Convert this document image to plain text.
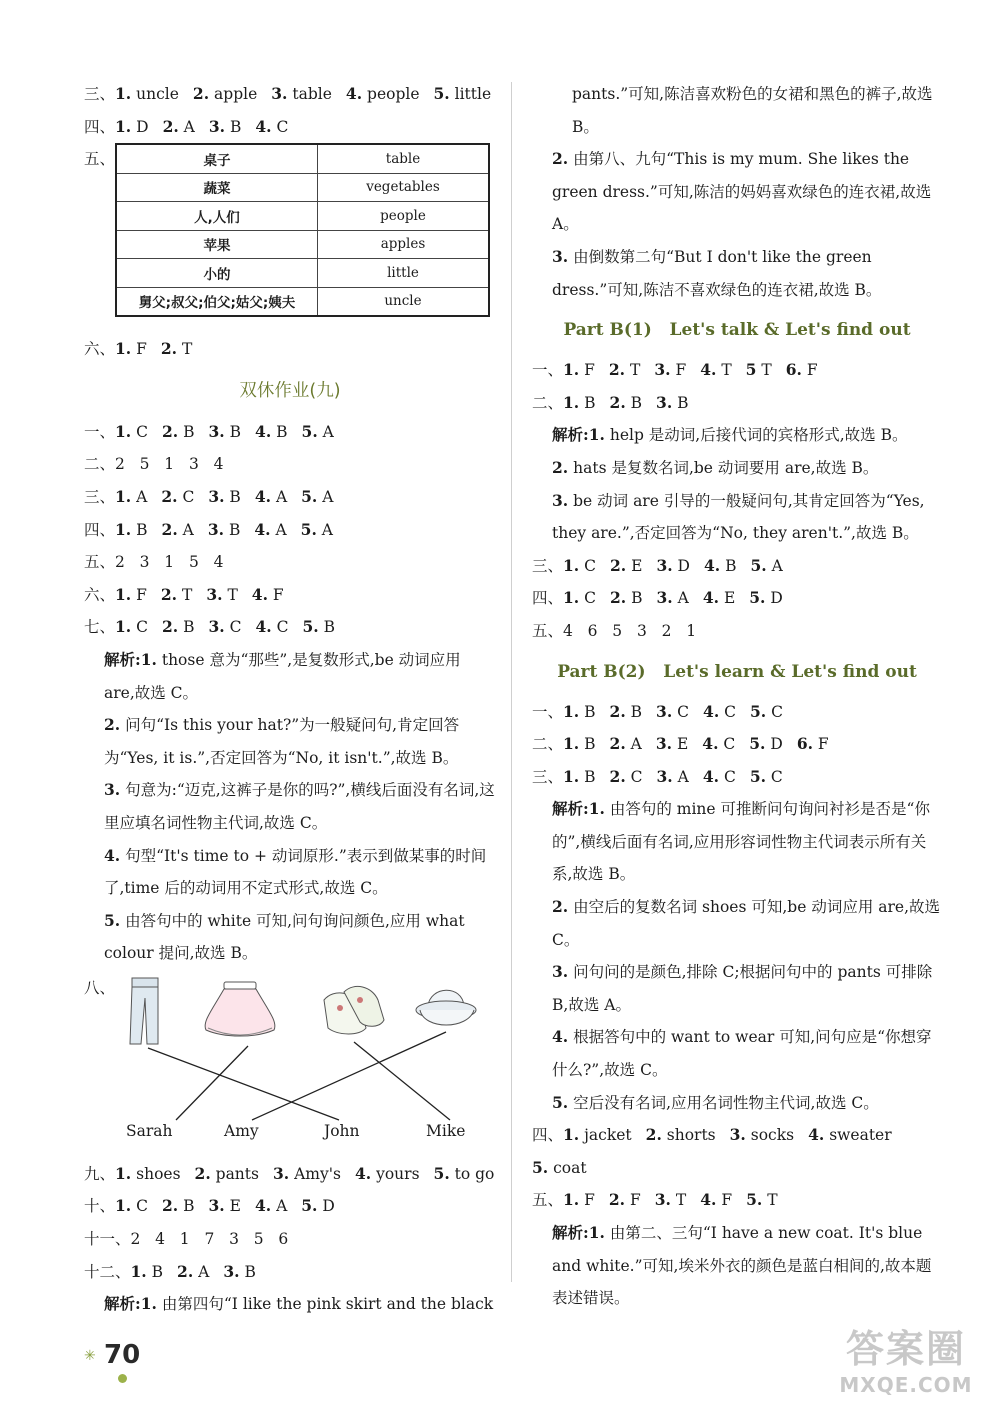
三、1. uncle 2. apple 3. table 4. people 5. little
四、1. D 2. A 3. B 4. C
五、	桌子	table
蔬菜	vegetables
人,人们	people
苹果	apples
小的	little
舅父;叔父;伯父;姑父;姨夫	uncle
六、1. F 2. T
双休作业(九)
一、1. C 2. B 3. B 4. B 5. A
二、2   5   1   3   4
三、1. A 2. C 3. B 4. A 5. A
四、1. B 2. A 3. B 4. A 5. A
五、2   3   1   5   4
六、1. F 2. T 3. T 4. F
七、1. C 2. B 3. C 4. C 5. B
解析:1. those 意为“那些”,是复数形式,be 动词应用 are,故选 C。
2. 问句“Is this your hat?”为一般疑问句,肯定回答为“Yes, it is.”,否定回答为“No, it isn't.”,故选 B。
3. 句意为:“迈克,这裤子是你的吗?”,横线后面没有名词,这里应填名词性物主代词,故选 C。
4. 句型“It's time to + 动词原形.”表示到做某事的时间了,time 后的动词用不定式形式,故选 C。
5. 由答句中的 white 可知,问句询问颜色,应用 what colour 提问,故选 B。
八、
Sarah	Amy	John	Mike
九、1. shoes 2. pants 3. Amy's 4. yours 5. to go
十、1. C 2. B 3. E 4. A 5. D
十一、2   4   1   7   3   5   6
十二、1. B 2. A 3. B
解析:1. 由第四句“I like the pink skirt and the black
pants.”可知,陈洁喜欢粉色的女裙和黑色的裤子,故选 B。
2. 由第八、九句“This is my mum. She likes the green dress.”可知,陈洁的妈妈喜欢绿色的连衣裙,故选 A。
3. 由倒数第二句“But I don't like the green dress.”可知,陈洁不喜欢绿色的连衣裙,故选 B。
Part B(1)   Let's talk & Let's find out
一、1. F 2. T 3. F 4. T 5 T 6. F
二、1. B 2. B 3. B
解析:1. help 是动词,后接代词的宾格形式,故选 B。
2. hats 是复数名词,be 动词要用 are,故选 B。
3. be 动词 are 引导的一般疑问句,其肯定回答为“Yes, they are.”,否定回答为“No, they aren't.”,故选 B。
三、1. C 2. E 3. D 4. B 5. A
四、1. C 2. B 3. A 4. E 5. D
五、4   6   5   3   2   1
Part B(2)   Let's learn & Let's find out
一、1. B 2. B 3. C 4. C 5. C
二、1. B 2. A 3. E 4. C 5. D 6. F
三、1. B 2. C 3. A 4. C 5. C
解析:1. 由答句的 mine 可推断问句询问衬衫是否是“你的”,横线后面有名词,应用形容词性物主代词表示所有关系,故选 B。
2. 由空后的复数名词 shoes 可知,be 动词应用 are,故选 C。
3. 问句问的是颜色,排除 C;根据问句中的 pants 可排除 B,故选 A。
4. 根据答句中的 want to wear 可知,问句应是“你想穿什么?”,故选 C。
5. 空后没有名词,应用名词性物主代词,故选 C。
四、1. jacket 2. shorts 3. socks 4. sweater
5. coat
五、1. F 2. F 3. T 4. F 5. T
解析:1. 由第二、三句“I have a new coat. It's blue and white.”可知,埃米外衣的颜色是蓝白相间的,故本题表述错误。
✳ 70	答案圈
MXQE.COM
